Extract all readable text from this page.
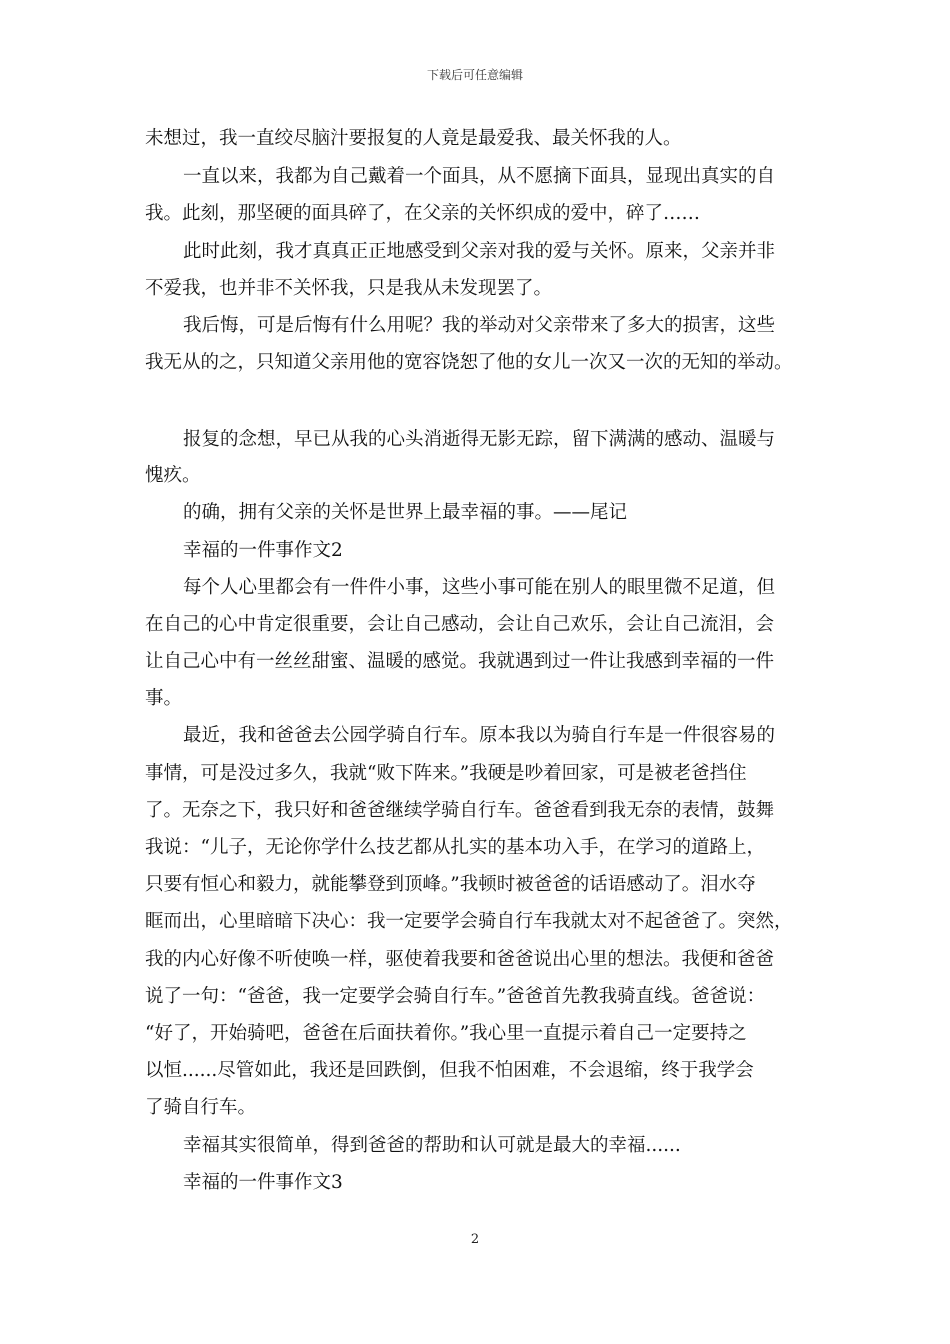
下载后可任意编辑
未想过，我一直绞尽脑汁要报复的人竟是最爱我、最关怀我的人。
一直以来，我都为自己戴着一个面具，从不愿摘下面具，显现出真实的自
我。此刻，那坚硬的面具碎了，在父亲的关怀织成的爱中，碎了……
此时此刻，我才真真正正地感受到父亲对我的爱与关怀。原来，父亲并非
不爱我，也并非不关怀我，只是我从未发现罢了。
我后悔，可是后悔有什么用呢？我的举动对父亲带来了多大的损害，这些
我无从的之，只知道父亲用他的宽容饶恕了他的女儿一次又一次的无知的举动。
报复的念想，早已从我的心头消逝得无影无踪，留下满满的感动、温暖与
愧疚。
的确，拥有父亲的关怀是世界上最幸福的事。——尾记
幸福的一件事作文2
每个人心里都会有一件件小事，这些小事可能在别人的眼里微不足道，但
在自己的心中肯定很重要，会让自己感动，会让自己欢乐，会让自己流泪，会
让自己心中有一丝丝甜蜜、温暖的感觉。我就遇到过一件让我感到幸福的一件
事。
最近，我和爸爸去公园学骑自行车。原本我以为骑自行车是一件很容易的
事情，可是没过多久，我就“败下阵来。”我硬是吵着回家，可是被老爸挡住
了。无奈之下，我只好和爸爸继续学骑自行车。爸爸看到我无奈的表情，鼓舞
我说：“儿子，无论你学什么技艺都从扎实的基本功入手，在学习的道路上，
只要有恒心和毅力，就能攀登到顶峰。”我顿时被爸爸的话语感动了。泪水夺
眶而出，心里暗暗下决心：我一定要学会骑自行车我就太对不起爸爸了。突然，
我的内心好像不听使唤一样，驱使着我要和爸爸说出心里的想法。我便和爸爸
说了一句：“爸爸，我一定要学会骑自行车。”爸爸首先教我骑直线。爸爸说：
“好了，开始骑吧，爸爸在后面扶着你。”我心里一直提示着自己一定要持之
以恒......尽管如此，我还是回跌倒，但我不怕困难，不会退缩，终于我学会
了骑自行车。
幸福其实很简单，得到爸爸的帮助和认可就是最大的幸福......
幸福的一件事作文3
2
